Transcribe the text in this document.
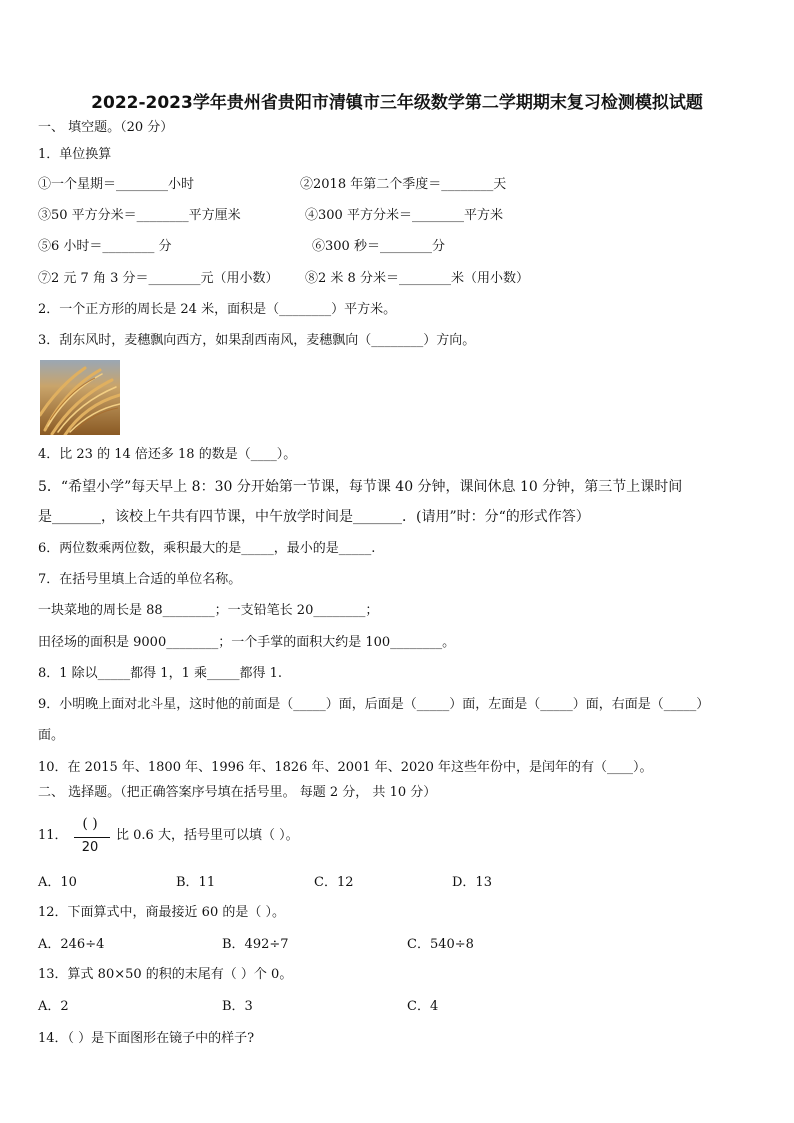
2022-2023学年贵州省贵阳市清镇市三年级数学第二学期期末复习检测模拟试题
一、 填空题。（20 分）
1．单位换算
①一个星期＝________小时	②2018 年第二个季度＝________天
③50 平方分米＝________平方厘米	④300 平方分米＝________平方米
⑤6 小时＝________ 分	⑥300 秒＝________分
⑦2 元 7 角 3 分＝________元（用小数） ⑧2 米 8 分米＝________米（用小数）
2．一个正方形的周长是 24 米，面积是（________）平方米。
3．刮东风时，麦穗飘向西方，如果刮西南风，麦穗飘向（________）方向。
4．比 23 的 14 倍还多 18 的数是（____）。
5．“希望小学”每天早上 8：30 分开始第一节课，每节课 40 分钟，课间休息 10 分钟，第三节上课时间
是_______，该校上午共有四节课，中午放学时间是_______．(请用”时：分“的形式作答）
6．两位数乘两位数，乘积最大的是_____，最小的是_____.
7．在括号里填上合适的单位名称。
一块菜地的周长是 88________；一支铅笔长 20________；
田径场的面积是 9000________；一个手掌的面积大约是 100________。
8．1 除以_____都得 1，1 乘_____都得 1.
9．小明晚上面对北斗星，这时他的前面是（_____）面，后面是（_____）面，左面是（_____）面，右面是（_____）
面。
10．在 2015 年、1800 年、1996 年、1826 年、2001 年、2020 年这些年份中，是闰年的有（____）。
二、 选择题。（把正确答案序号填在括号里。 每题 2 分， 共 10 分）
11．
( )
20
比 0.6 大，括号里可以填（ ）。
A．10	B．11	C．12	D．13
12．下面算式中，商最接近 60 的是（ ）。
A．246÷4	B．492÷7	C．540÷8
13．算式 80×50 的积的末尾有（ ）个 0。
A．2	B．3	C．4
14．（ ）是下面图形在镜子中的样子?
